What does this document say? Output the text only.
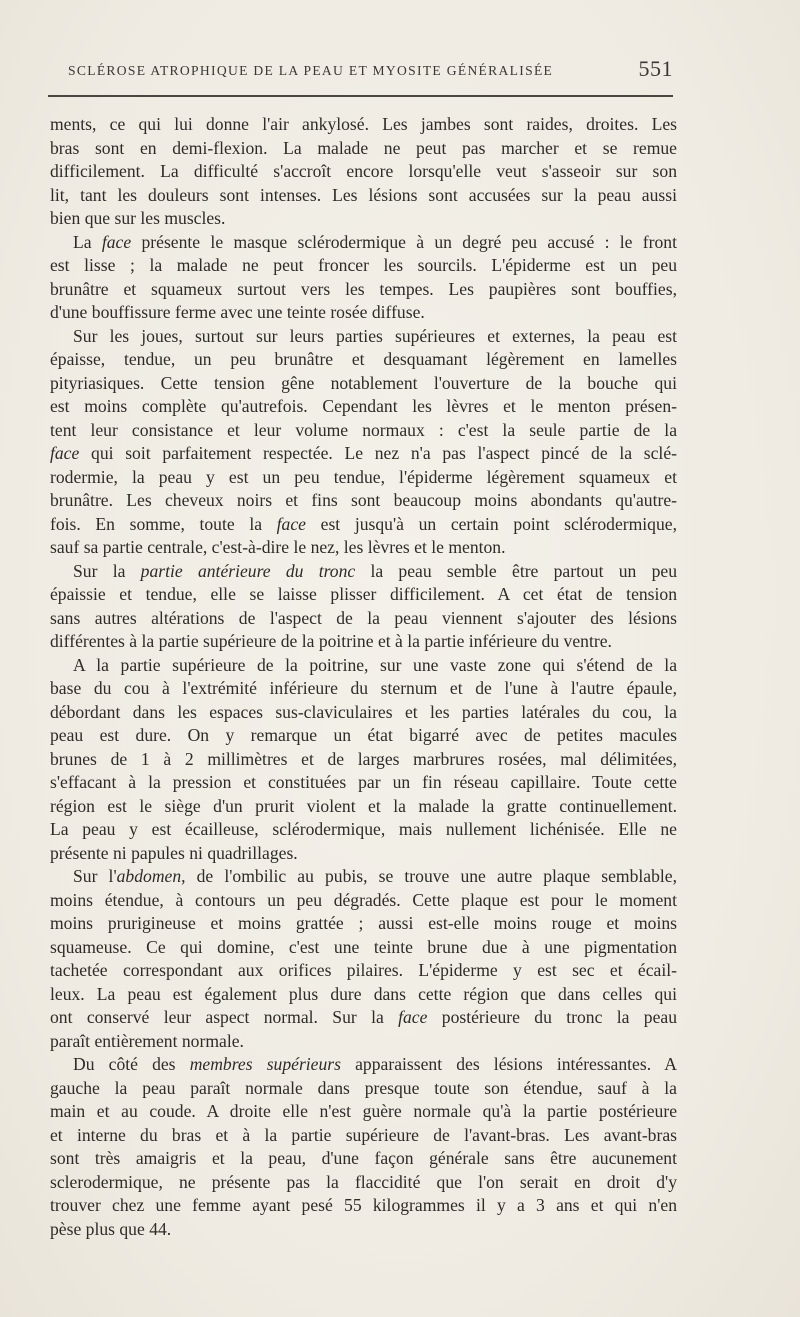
SCLÉROSE ATROPHIQUE DE LA PEAU ET MYOSITE GÉNÉRALISÉE	551

ments, ce qui lui donne l'air ankylosé. Les jambes sont raides, droites. Les
bras sont en demi-flexion. La malade ne peut pas marcher et se remue
difficilement. La difficulté s'accroît encore lorsqu'elle veut s'asseoir sur son
lit, tant les douleurs sont intenses. Les lésions sont accusées sur la peau aussi
bien que sur les muscles.

La face présente le masque sclérodermique à un degré peu accusé : le front
est lisse ; la malade ne peut froncer les sourcils. L'épiderme est un peu
brunâtre et squameux surtout vers les tempes. Les paupières sont bouffies,
d'une bouffissure ferme avec une teinte rosée diffuse.

Sur les joues, surtout sur leurs parties supérieures et externes, la peau est
épaisse, tendue, un peu brunâtre et desquamant légèrement en lamelles
pityriasiques. Cette tension gêne notablement l'ouverture de la bouche qui
est moins complète qu'autrefois. Cependant les lèvres et le menton présen-
tent leur consistance et leur volume normaux : c'est la seule partie de la
face qui soit parfaitement respectée. Le nez n'a pas l'aspect pincé de la sclé-
rodermie, la peau y est un peu tendue, l'épiderme légèrement squameux et
brunâtre. Les cheveux noirs et fins sont beaucoup moins abondants qu'autre-
fois. En somme, toute la face est jusqu'à un certain point sclérodermique,
sauf sa partie centrale, c'est-à-dire le nez, les lèvres et le menton.

Sur la partie antérieure du tronc la peau semble être partout un peu
épaissie et tendue, elle se laisse plisser difficilement. A cet état de tension
sans autres altérations de l'aspect de la peau viennent s'ajouter des lésions
différentes à la partie supérieure de la poitrine et à la partie inférieure du ventre.

A la partie supérieure de la poitrine, sur une vaste zone qui s'étend de la
base du cou à l'extrémité inférieure du sternum et de l'une à l'autre épaule,
débordant dans les espaces sus-claviculaires et les parties latérales du cou, la
peau est dure. On y remarque un état bigarré avec de petites macules
brunes de 1 à 2 millimètres et de larges marbrures rosées, mal délimitées,
s'effacant à la pression et constituées par un fin réseau capillaire. Toute cette
région est le siège d'un prurit violent et la malade la gratte continuellement.
La peau y est écailleuse, sclérodermique, mais nullement lichénisée. Elle ne
présente ni papules ni quadrillages.

Sur l'abdomen, de l'ombilic au pubis, se trouve une autre plaque semblable,
moins étendue, à contours un peu dégradés. Cette plaque est pour le moment
moins prurigineuse et moins grattée ; aussi est-elle moins rouge et moins
squameuse. Ce qui domine, c'est une teinte brune due à une pigmentation
tachetée correspondant aux orifices pilaires. L'épiderme y est sec et écail-
leux. La peau est également plus dure dans cette région que dans celles qui
ont conservé leur aspect normal. Sur la face postérieure du tronc la peau
paraît entièrement normale.

Du côté des membres supérieurs apparaissent des lésions intéressantes. A
gauche la peau paraît normale dans presque toute son étendue, sauf à la
main et au coude. A droite elle n'est guère normale qu'à la partie postérieure
et interne du bras et à la partie supérieure de l'avant-bras. Les avant-bras
sont très amaigris et la peau, d'une façon générale sans être aucunement
sclerodermique, ne présente pas la flaccidité que l'on serait en droit d'y
trouver chez une femme ayant pesé 55 kilogrammes il y a 3 ans et qui n'en
pèse plus que 44.
